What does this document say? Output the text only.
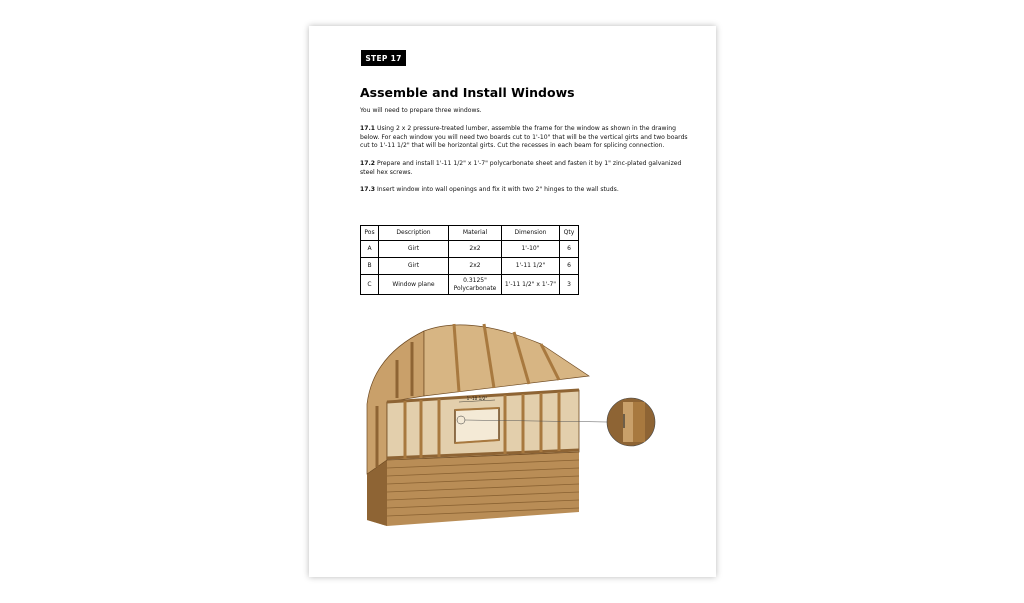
STEP 17
Assemble and Install Windows

You will need to prepare three windows.

17.1 Using 2 x 2 pressure-treated lumber, assemble the frame for the window as shown in the drawing below. For each window you will need two boards cut to 1'-10" that will be the vertical girts and two boards cut to 1'-11 1/2" that will be horizontal girts. Cut the recesses in each beam for splicing connection.

17.2 Prepare and install 1'-11 1/2" x 1'-7" polycarbonate sheet and fasten it by 1" zinc-plated galvanized steel hex screws.

17.3 Insert window into wall openings and fix it with two 2" hinges to the wall studs.

Pos	Description	Material	Dimension	Qty
A	Girt	2x2	1'-10"	6
B	Girt	2x2	1'-11 1/2"	6
C	Window plane	0.3125" Polycarbonate	1'-11 1/2" x 1'-7"	3
1'-10 1/2"
